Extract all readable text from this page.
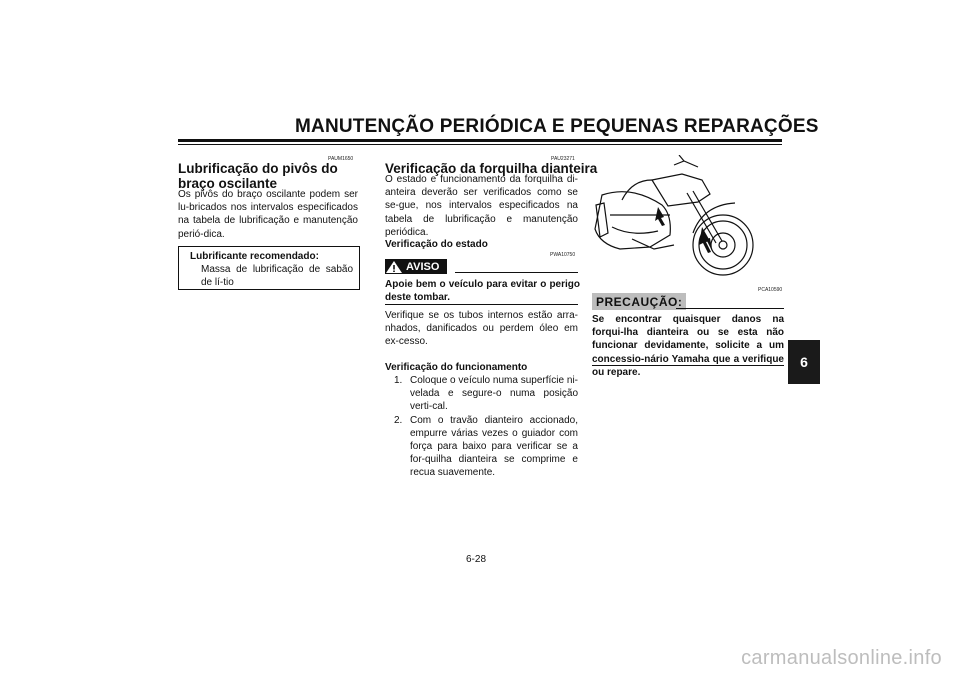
MANUTENÇÃO PERIÓDICA E PEQUENAS REPARAÇÕES
6
PAUM1650
Lubrificação do pivôs do braço oscilante
Os pivôs do braço oscilante podem ser lu-bricados nos intervalos especificados na tabela de lubrificação e manutenção perió-dica.
Lubrificante recomendado:
Massa de lubrificação de sabão de lí-tio
PAU23271
Verificação da forquilha dianteira
O estado e funcionamento da forquilha di-anteira deverão ser verificados como se se-gue, nos intervalos especificados na tabela de lubrificação e manutenção periódica.
Verificação do estado
PWA10750
AVISO
Apoie bem o veículo para evitar o perigo deste tombar.
Verifique se os tubos internos estão arra-nhados, danificados ou perdem óleo em ex-cesso.
Verificação do funcionamento
1. Coloque o veículo numa superfície ni-velada e segure-o numa posição verti-cal.
2. Com o travão dianteiro accionado, empurre várias vezes o guiador com força para baixo para verificar se a for-quilha dianteira se comprime e recua suavemente.
PCA10590
PRECAUÇÃO:
Se encontrar quaisquer danos na forqui-lha dianteira ou se esta não funcionar devidamente, solicite a um concessio-nário Yamaha que a verifique ou repare.
6-28
carmanualsonline.info
